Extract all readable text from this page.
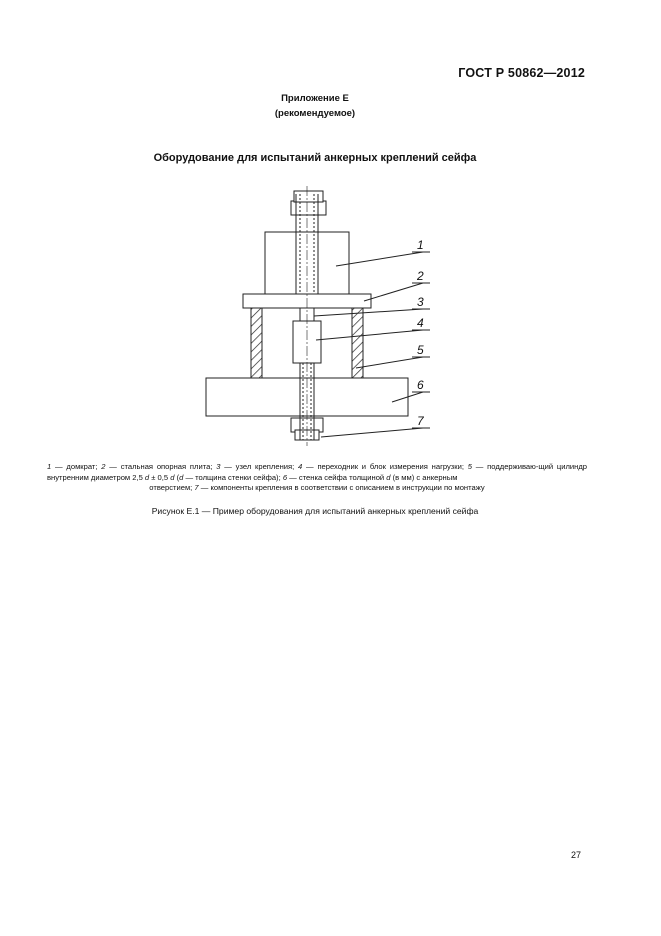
ГОСТ Р 50862—2012
Приложение Е
(рекомендуемое)
Оборудование для испытаний анкерных креплений сейфа
1
2
3
4
5
6
7
1 — домкрат; 2 — стальная опорная плита; 3 — узел крепления; 4 — переходник и блок измерения нагрузки; 5 — поддерживаю-щий цилиндр внутренним диаметром 2,5 d ± 0,5 d (d — толщина стенки сейфа); 6 — стенка сейфа толщиной d (в мм) с анкерным
отверстием; 7 — компоненты крепления в соответствии с описанием в инструкции по монтажу
Рисунок Е.1 — Пример оборудования для испытаний анкерных креплений сейфа
27
